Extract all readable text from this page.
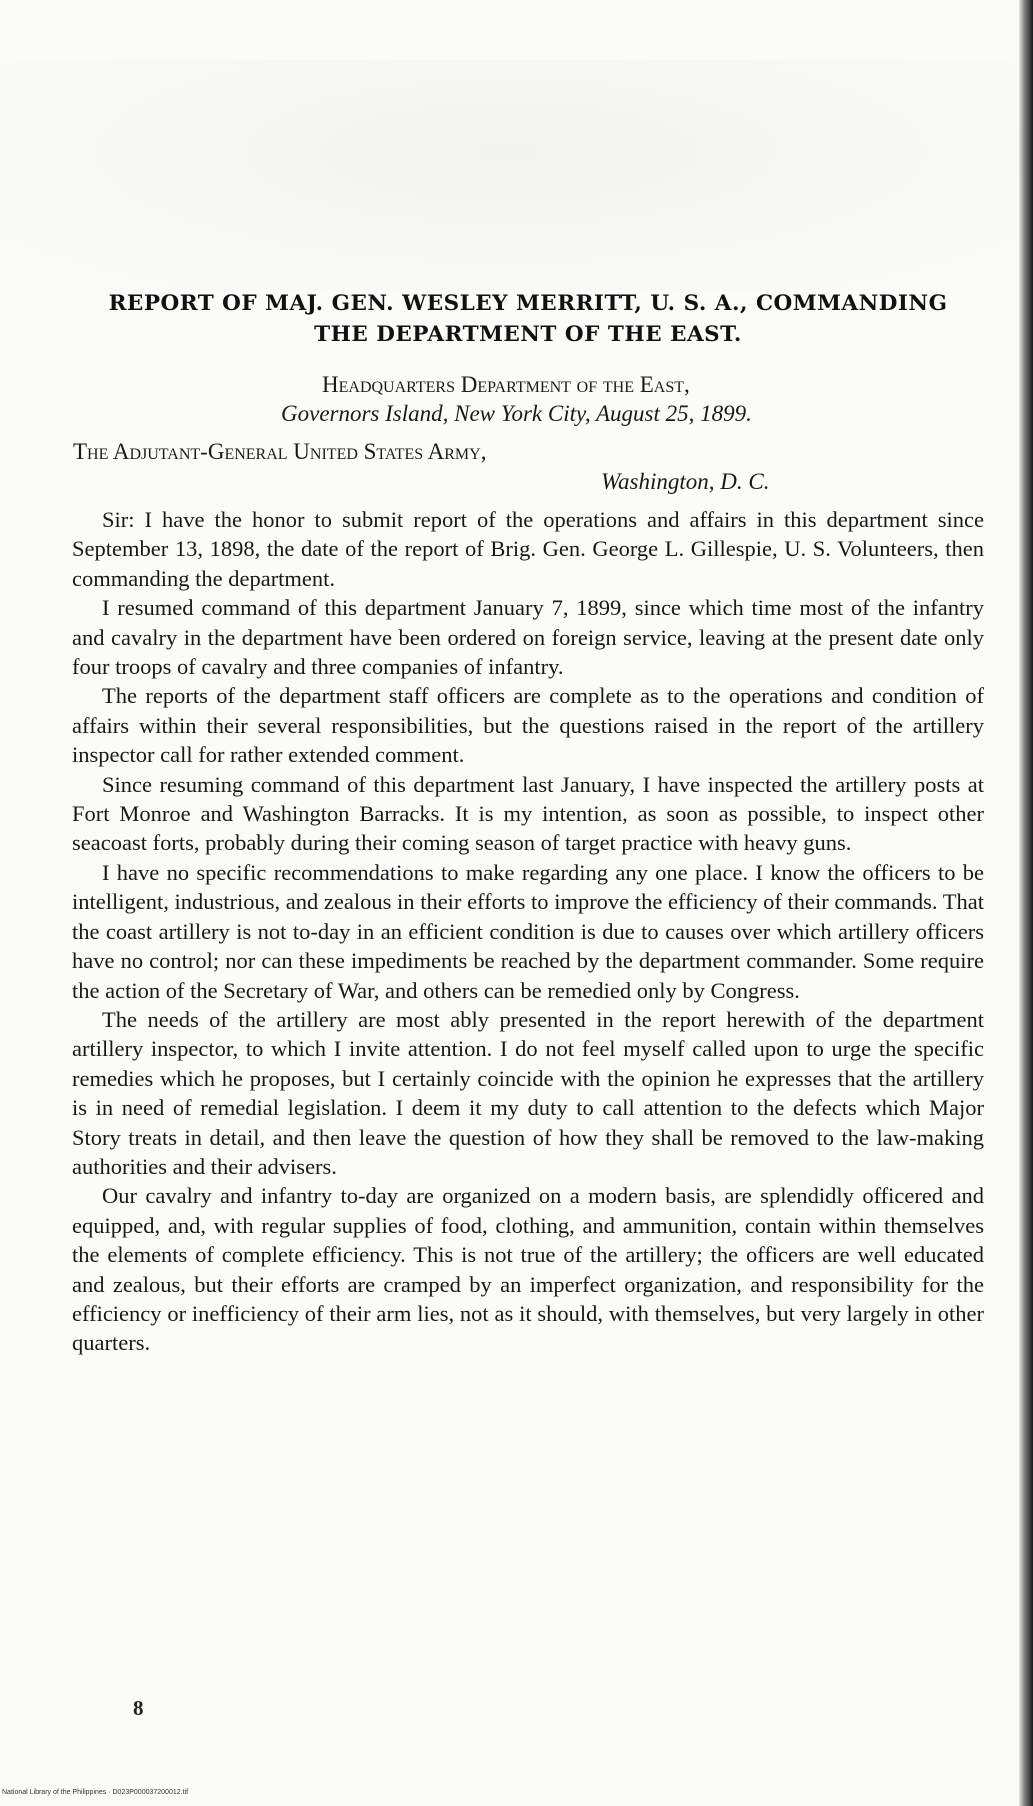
REPORT OF MAJ. GEN. WESLEY MERRITT, U. S. A., COMMANDING
THE DEPARTMENT OF THE EAST.
Headquarters Department of the East,
Governors Island, New York City, August 25, 1899.
The Adjutant-General United States Army,
Washington, D. C.

Sir: I have the honor to submit report of the operations and affairs in this department since September 13, 1898, the date of the report of Brig. Gen. George L. Gillespie, U. S. Volunteers, then commanding the department.

I resumed command of this department January 7, 1899, since which time most of the infantry and cavalry in the department have been ordered on foreign service, leaving at the present date only four troops of cavalry and three companies of infantry.

The reports of the department staff officers are complete as to the operations and condition of affairs within their several responsibilities, but the questions raised in the report of the artillery inspector call for rather extended comment.

Since resuming command of this department last January, I have inspected the artillery posts at Fort Monroe and Washington Barracks. It is my intention, as soon as possible, to inspect other seacoast forts, probably during their coming season of target practice with heavy guns.

I have no specific recommendations to make regarding any one place. I know the officers to be intelligent, industrious, and zealous in their efforts to improve the efficiency of their commands. That the coast artillery is not to-day in an efficient condition is due to causes over which artillery officers have no control; nor can these impediments be reached by the department commander. Some require the action of the Secretary of War, and others can be remedied only by Congress.

The needs of the artillery are most ably presented in the report herewith of the department artillery inspector, to which I invite attention. I do not feel myself called upon to urge the specific remedies which he proposes, but I certainly coincide with the opinion he expresses that the artillery is in need of remedial legislation. I deem it my duty to call attention to the defects which Major Story treats in detail, and then leave the question of how they shall be removed to the law-making authorities and their advisers.

Our cavalry and infantry to-day are organized on a modern basis, are splendidly officered and equipped, and, with regular supplies of food, clothing, and ammunition, contain within themselves the elements of complete efficiency. This is not true of the artillery; the officers are well educated and zealous, but their efforts are cramped by an imperfect organization, and responsibility for the efficiency or inefficiency of their arm lies, not as it should, with themselves, but very largely in other quarters.

8
National Library of the Philippines · D023P000037200012.tif
